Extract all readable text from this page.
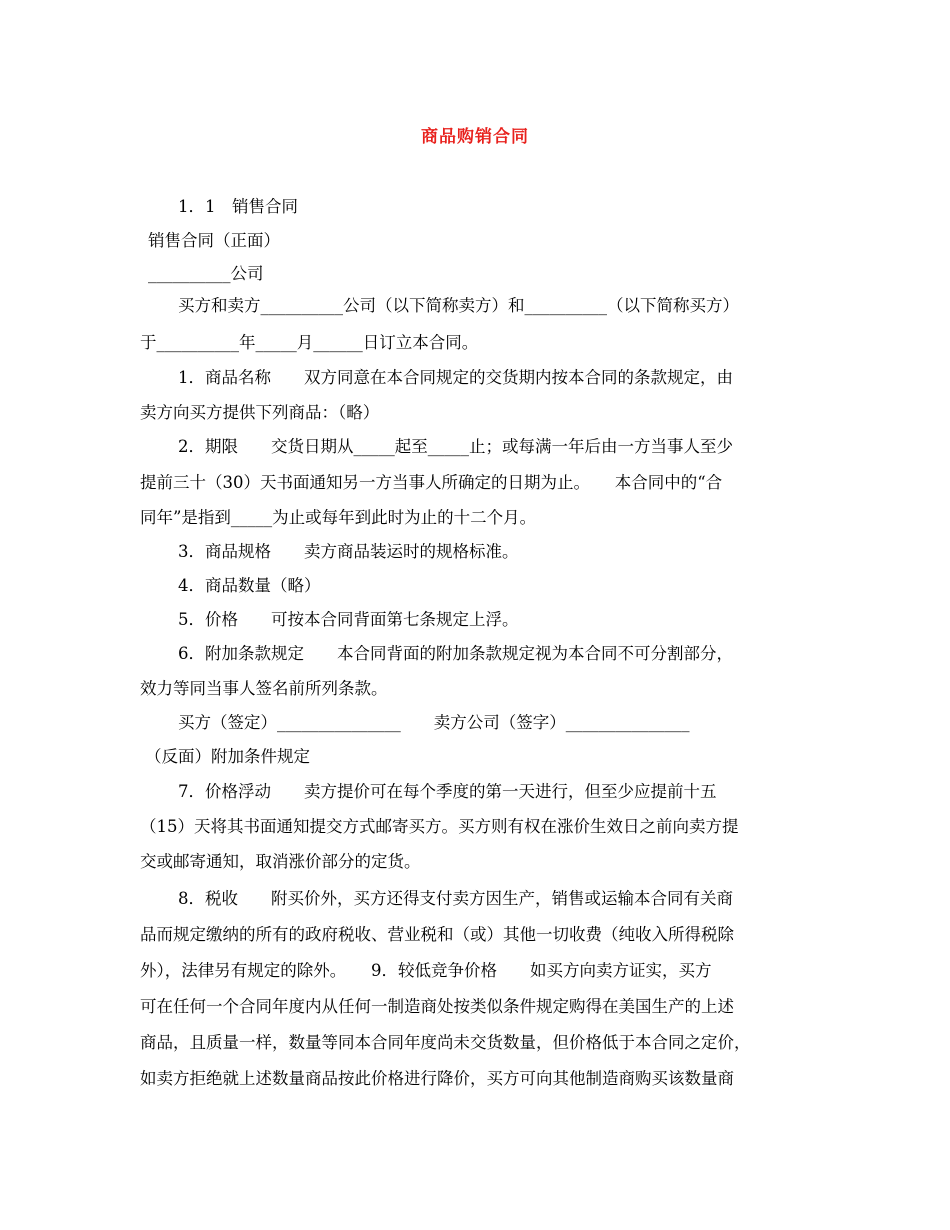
商品购销合同
1．1　销售合同
销售合同（正面）
__________公司
买方和卖方__________公司（以下简称卖方）和__________（以下简称买方）
于__________年_____月______日订立本合同。
1．商品名称　　双方同意在本合同规定的交货期内按本合同的条款规定，由
卖方向买方提供下列商品：（略）
2．期限　　交货日期从_____起至_____止；或每满一年后由一方当事人至少
提前三十（30）天书面通知另一方当事人所确定的日期为止。　　本合同中的“合
同年”是指到_____为止或每年到此时为止的十二个月。
3．商品规格　　卖方商品装运时的规格标准。
4．商品数量（略）
5．价格　　可按本合同背面第七条规定上浮。
6．附加条款规定　　本合同背面的附加条款规定视为本合同不可分割部分，
效力等同当事人签名前所列条款。
买方（签定）_______________　　卖方公司（签字）_______________
（反面）附加条件规定
7．价格浮动　　卖方提价可在每个季度的第一天进行，但至少应提前十五
（15）天将其书面通知提交方式邮寄买方。买方则有权在涨价生效日之前向卖方提
交或邮寄通知，取消涨价部分的定货。
8．税收　　附买价外，买方还得支付卖方因生产，销售或运输本合同有关商
品而规定缴纳的所有的政府税收、营业税和（或）其他一切收费（纯收入所得税除
外），法律另有规定的除外。　　9．较低竞争价格　　如买方向卖方证实，买方
可在任何一个合同年度内从任何一制造商处按类似条件规定购得在美国生产的上述
商品，且质量一样，数量等同本合同年度尚未交货数量，但价格低于本合同之定价，
如卖方拒绝就上述数量商品按此价格进行降价，买方可向其他制造商购买该数量商
